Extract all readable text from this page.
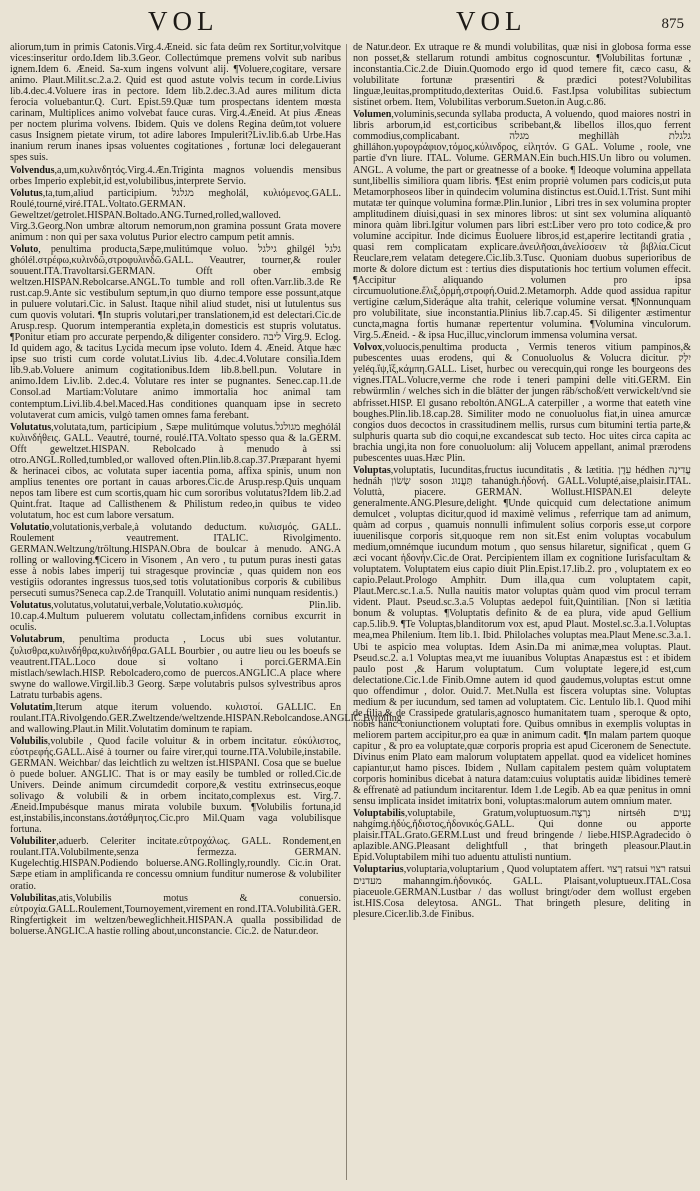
VOL	VOL	875

aliorum,tum in primis Catonis.Virg.4.Æneid. sic fata deûm rex Sortitur,volvitque vices:inseritur ordo.Idem lib.3.Geor. Collectúmque premens volvit sub naribus ignem.Idem 6. Æneid. Sa-xum ingens volvunt alij. ¶Voluere,cogitare, versare animo. Plaut.Milit.sc.2.a.2. Quid est quod astute volvis tecum in corde.Livius lib.4.dec.4.Voluere iras in pectore. Idem lib.2.dec.3.Ad aures militum dicta ferocia voluebantur.Q. Curt. Epist.59.Quæ tum prospectans identem mœsta carinam, Multiplices animo volvebat fauce curas. Virg.4.Æneid. At pius Æneas per noctem plurima volvens. Ibidem. Quis ve dolens Regina deûm,tot voluere casus Insignem pietate virum, tot adire labores Impulerit?Liv.lib.6.ab Urbe.Has inanium rerum inanes ipsas voluentes cogitationes , fortunæ loci delegauerant spes suis.

Volvendus,a,um,κυλινδητός.Virg.4.Æn.Triginta magnos voluendis mensibus orbes Imperio explebit,id est,volubilibus,interprete Servio.

Volutus,ta,tum,aliud participium. מגלגל megholál, κυλιόμενος.GALL. Roulé,tourné,viré.ITAL.Voltato.GERMAN. Geweltzet/getrolet.HISPAN.Boltado.ANG.Turned,rolled,walloved. Virg.3.Georg.Non umbræ altorum nemorum,non gramina possunt Grata movere animum : non qui per saxa volutus Purior electro campum petit amnis.

Voluto, penultima producta,Sæpe,mulitúmque voluo. גילגל ghilgél גלגל ghólél.στρέφω,κυλινδῶ,στροφυλινδῶ.GALL. Veautrer, tourner,& rouler souuent.ITA.Travoltarsi.GERMAN. Offt ober embsig weltzen.HISPAN.Rebolcarse.ANGL.To tumble and roll often.Varr.lib.3.de Re rust.cap.9.Ante sic vestibulum septum,in quo diurno tempore esse possunt,atque in puluere volutari.Cic. in Salust. Itaque nihil aliud studet, nisi ut lutulentus sus cum quovis volutari. ¶In stupris volutari,per translationem,id est delectari.Cic.de Arusp.resp. Quorum intemperantia expleta,in domesticis est stupris volutatus. ¶Ponitur etiam pro accurate perpendo,& diligenter considero. ליבה Virg.9. Eclog. Id quidem ago, & tacitus Lycida mecum ipse voluto. Idem 4. Æneid. Atque hæc ipse suo tristi cum corde volutat.Livius lib. 4.dec.4.Volutare consilia.Idem lib.9.ab.Voluere animum cogitationibus.Idem lib.8.bell.pun. Volutare in animo.Idem Liv.lib. 2.dec.4. Volutare res inter se pugnantes. Senec.cap.11.de Consol.ad Martiam:Volutare animo immortalia hoc animal tam contemptum.Livi.lib.4.bel.Maced.Has conditiones quanquam ipse in secreto volutaverat cum amicis, vulgò tamen omnes fama ferebant.

Volutatus,volutata,tum, participium , Sæpe mulitúmque volutus.מגולגל meghólál κυλινδήθεις. GALL. Veautré, tourné, roulé.ITA.Voltato spesso qua & la.GERM. Offt geweltzet.HISPAN. Rebolcado à menudo à ssi otro.ANGL.Rolled,tumbled,or walloved often.Plin.lib.8.cap.37.Præparant hyemi & herinacei cibos, ac volutata super iacentia poma, affixa spinis, unum non amplius tenentes ore portant in cauas arbores.Cic.de Arusp.resp.Quis unquam nepos tam libere est cum scortis,quam hic cum sororibus volutatus?Idem lib.2.ad Quint.frat. Itaque ad Callisthenem & Philistum redeo,in quibus te video volutatum, hoc est cum labore versatum.

Volutatio,volutationis,verbale,à volutando deductum. κυλισμός. GALL. Roulement , veautrement. ITALIC. Rivolgimento. GERMAN.Weltzung/tröltung.HISPAN.Obra de boulcar à menudo. ANG.A rolling or walloving.¶Cicero in Visonem , An vero , tu putum puras inesti gatas esse à nobis labes imperij tui stragesque provinciæ , quas quidem non eos vestigiis odorantes ingressus tuos,sed totis volutationibus corporis & cubilibus persecuti sumus?Seneca cap.2.de Tranquill. Volutatio animi nunquam residentis.)

Volutatus,volutatus,volutatui,verbale,Volutatio.κυλισμός. Plin.lib. 10.cap.4.Multum puluerem volutatu collectam,infidens cornibus excurrit in oculis.

Volutabrum, penultima producta , Locus ubi sues volutantur. ζυλισθρα,κυλινδήθρα,κυλινδήθρα.GALL Bourbier , ou autre lieu ou les boeufs se veautrent.ITAL.Loco doue si voltano i porci.GERMA.Ein mistlach/sewlach.HISP. Rebolcadero,como de puercos.ANGLIC.A place where swyne do wallowe.Virgil.lib.3 Georg. Sæpe volutabris pulsos sylvestribus apros Latratu turbabis agens.

Volutatim,Iterum atque iterum voluendo. κυλιστοί. GALLIC. En roulant.ITA.Rivolgendo.GER.Zweltzende/weltzende.HISPAN.Rebolcandose.ANGLIC.Byrolling and wallowing.Plaut.in Milit.Volutatim dominum te rapiam.

Volubilis,volubile , Quod facile voluitur & in orbem incitatur. εὐκύλιστος, εὐστρεφής.GALL.Aisé à tourner ou faire virer,qui tourne.ITA.Volubile,instabile. GERMAN. Weichbar/ das leichtlich zu weltzen ist.HISPANI. Cosa que se buelue ò puede boluer. ANGLIC. That is or may easily be tumbled or rolled.Cic.de Univers. Deinde animum circumdedit corpore,& vestitu extrinsecus,eoque solivago & volubili & in orbem incitato,complexus est. Virg.7. Æneid.Impubésque manus mirata volubile buxum. ¶Volubilis fortuna,id est,instabilis,inconstans.ἀστάθμητος.Cic.pro Mil.Quam vaga volubilisque fortuna.

Volubiliter,aduerb. Celeriter incitate.εὐτροχάλως. GALL. Rondement,en roulant.ITA.Volubilmente,senza fermezza. GERMAN. Kugelechtig.HISPAN.Podiendo boluerse.ANG.Rollingly,roundly. Cic.in Orat. Sæpe etiam in amplificanda re concessu omnium funditur numerose & volubiliter oratio.

Volubilitas,atis,Volubilis motus & conuersio. εὐτροχία.GALL.Roulement,Tournoyement,virement en rond.ITA.Volubilità.GER. Ringfertigkeit im weltzen/beweglichheit.HISPAN.A qualla possibilidad de boluerse.ANGLIC.A hastie rolling about,unconstancie. Cic.2. de Natur.deor.

de Natur.deor. Ex utraque re & mundi volubilitas, quæ nisi in globosa forma esse non posset,& stellarum rotundi ambitus cognoscuntur. ¶Volubilitas fortunæ , inconstantia.Cic.2.de Diuin.Quomodo ergo id quod temere fit, cæco casu, & volubilitate fortunæ præsentiri & prædici potest?Volubilitas linguæ,leuitas,promptitudo,dexteritas Ouid.6. Fast.Ipsa volubilitas subiectum sistinet orbem. Item, Volubilitas verborum.Sueton.in Aug.c.86.

Volumen,voluminis,secunda syllaba producta, A voluendo, quod maiores nostri in libris arborum,id est,corticibus scribebant,& libellos illos,quo ferrent commodius,complicabant. מגלה meghillàh גלגלת ghilláhon.γυρογράφιον,τόμος,κύλινδρος, εἰλητόν. G GAL. Volume , roole, vne partie d'vn liure. ITAL. Volume. GERMAN.Ein buch.HIS.Un libro ou volumen. ANGL. A volume, the part or greatnesse of a booke. ¶ Ideoque volumina appellata sunt,libellis similiora quam libris. ¶Est enim propriè volumen pars codicis,ut puta Metamorphoseos liber in quindecim volumina distinctus est.Ouid.1.Trist. Sunt mihi mutatæ ter quinque volumina formæ.Plin.Iunior , Libri tres in sex volumina propter amplitudinem diuisi,quasi in sex minores libros: ut sint sex volumina aliquantò minora quàm libri.Igitur volumen pars libri est:Liber vero pro toto codice,& pro volumine accipitur. Inde dicimus Euoluere libros,id est,aperire lectitandi gratia , quasi rem complicatam explicare.ἀνειλῆσαι,ἀνελίσσειν τὰ βιβλία.Cicut Reuclare,rem velatam detegere.Cic.lib.3.Tusc. Quoniam duobus superioribus de morte & dolore dictum est : tertius dies disputationis hoc tertium volumen effecit. ¶Accipitur aliquando volumen pro ipsa circumuolutione.ἕλιξ,ὁρμή,στροφή.Ouid.2.Metamorph. Adde quod assidua rapitur vertigine cælum,Sideráque alta trahit, celerique volumine versat. ¶Nonnunquam pro volubilitate, siue inconstantia.Plinius lib.7.cap.45. Si diligenter æstimentur cuncta,magna fortis humanæ repertentur volumina. ¶Volumina vinculorum. Virg.5.Æneid. - & ipsa Huc,illuc,vinclorum immensa volumina versat.

Volvox,voluocis,penultima producta , Vermis teneros vitium pampinos,& pubescentes uuas erodens, qui & Conuoluolus & Volucra dicitur. יִלֶק yeléq.ἴψ,ἴξ,κάμπη.GALL. Liset, hurbec ou verecquin,qui ronge les bourgeons des vignes.ITAL.Volucre,verme che rode i teneri pampini delle viti.GERM. Ein rebwürmlin / welches sich in die blätter der jungen räb/schoß/ett verwickelt/vnd sie abfrisset.HISP. El gusano reboltón.ANGL.A caterpiller , a worme that eateth vine boughes.Plin.lib.18.cap.28. Similiter modo ne conuoluolus fiat,in uinea amurcæ congios duos decoctos in crassitudinem mellis, rursus cum bitumini tertia parte,& sulphuris quarta sub dio coqui,ne excandescat sub tecto. Hoc uites circa capita ac brachia ungi,ita non fore conuoluolum: alij Volucem appellant, animal prærodens pubescentes uuas.Hæc Plin.

Voluptas,voluptatis, Iucunditas,fructus iucunditatis , & lætitia. עֵדֶן hédhen עֲדִינָה hednáh שָׂשׂוֹן soson תַּעֲנוּג tahanúgh.ἡδονή. GALL.Volupté,aise,plaisir.ITAL. Voluttà, piacere. GERMAN. Wollust.HISPAN.El deleyte generalmente.ANG.Plesure,delight. ¶Unde quicquid cum delectatione animum demulcet , voluptas dicitur,quod id maximè velimus , referrique tam ad animum, quàm ad corpus , quamuis nonnulli infimulent solius corporis esse,ut corpore iuuenilisque corporis sit,quoque rem non sit.Est enim voluptas vocabulum medium,omnémque iucundum motum , quo sensus hilaretur, significat , quem G æci vocant ἡδονήν.Cic.de Orat. Percipientem illam ex cognitione Iurisfacultam & voluptatem. Voluptatem eius capio diuit Plin.Epist.17.lib.2. pro , voluptatem ex eo capio.Pelaut.Prologo Amphitr. Dum illa,qua cum voluptatem capit, Plaut.Merc.sc.1.a.5. Nulla nauitis mator voluptas quàm quod vim procul terram vident. Plaut. Pseud.sc.3.a.5 Voluptas aedepol fuit,Quintilian. [Non si lætitia bonum & voluptas. ¶Voluptatis definito & de ea plura, vide apud Gellium cap.5.lib.9. ¶Te Voluptas,blanditorum vox est, apud Plaut. Mostel.sc.3.a.1.Voluptas mea,mea Philenium. Item lib.1. Ibid. Philolaches voluptas mea.Plaut Mene.sc.3.a.1. Ubi te aspicio mea voluptas. Idem Asin.Da mi animæ,mea voluptas. Plaut. Pseud.sc.2. a.1 Voluptas mea,vt me iuuanibus Voluptas Anapæstus est : et ibidem paulo post ,& Harum voluptatum. Cum voluptate legere,id est,cum delectatione.Cic.1.de Finib.Omne autem id quod gaudemus,voluptas est:ut omne quo offendimur , dolor. Ouid.7. Met.Nulla est fiscera voluptas sine. Voluptas medium & per iucundum, sed tamen ad voluptatem. Cic. Lentulo lib.1. Quod mihi de filia,& de Crassipede gratularis,agnosco humanitatem tuam , speroque & opto, nobis hanc coniunctionem voluptati fore. Quibus omnibus in exemplis voluptas in meliorem partem accipitur,pro ea quæ in animum cadit. ¶In malam partem quoque capitur , & pro ea voluptate,quæ corporis propria est apud Ciceronem de Senectute. Divinus enim Plato eam malorum voluptatem appellat. quod ea videlicet homines capiantur,ut hamo pisces. Ibidem , Nullam capitalem pestem quàm voluptatem corporis hominibus dicebat à natura datam:cuius voluptatis auidæ libidines temerè & effrenatè ad patiundum incitarentur. Idem 1.de Legib. Ab ea quæ penitus in omni sensu implicata insidet imitatrix boni, voluptas:malorum autem omnium mater.

Voluptabilis,voluptabile, Gratum,voluptuosum.נִרְצֶה nirtséh נָעִים nahgímg.ἡδύς,ἥδιστος,ἡδονικός.GALL. Qui donne ou apporte plaisir.ITAL.Grato.GERM.Lust und freud bringende / liebe.HISP.Agradecido ò aplazible.ANG.Pleasant delightfull , that bringeth pleasour.Plaut.in Epid.Voluptabilem mihi tuo aduentu attulisti nuntium.

Voluptarius,voluptaria,voluptarium , Quod voluptatem affert. רָצוּי ratsui רצוי ratsui מעדנים mahanngím.ἡδονικός. GALL. Plaisant,voluptueux.ITAL.Cosa piaceuole.GERMAN.Lustbar / das wollust bringt/oder dem wollust ergeben ist.HIS.Cosa deleytosa. ANGL. That bringeth plesure, deliting in plesure.Cicer.lib.3.de Finibus.
